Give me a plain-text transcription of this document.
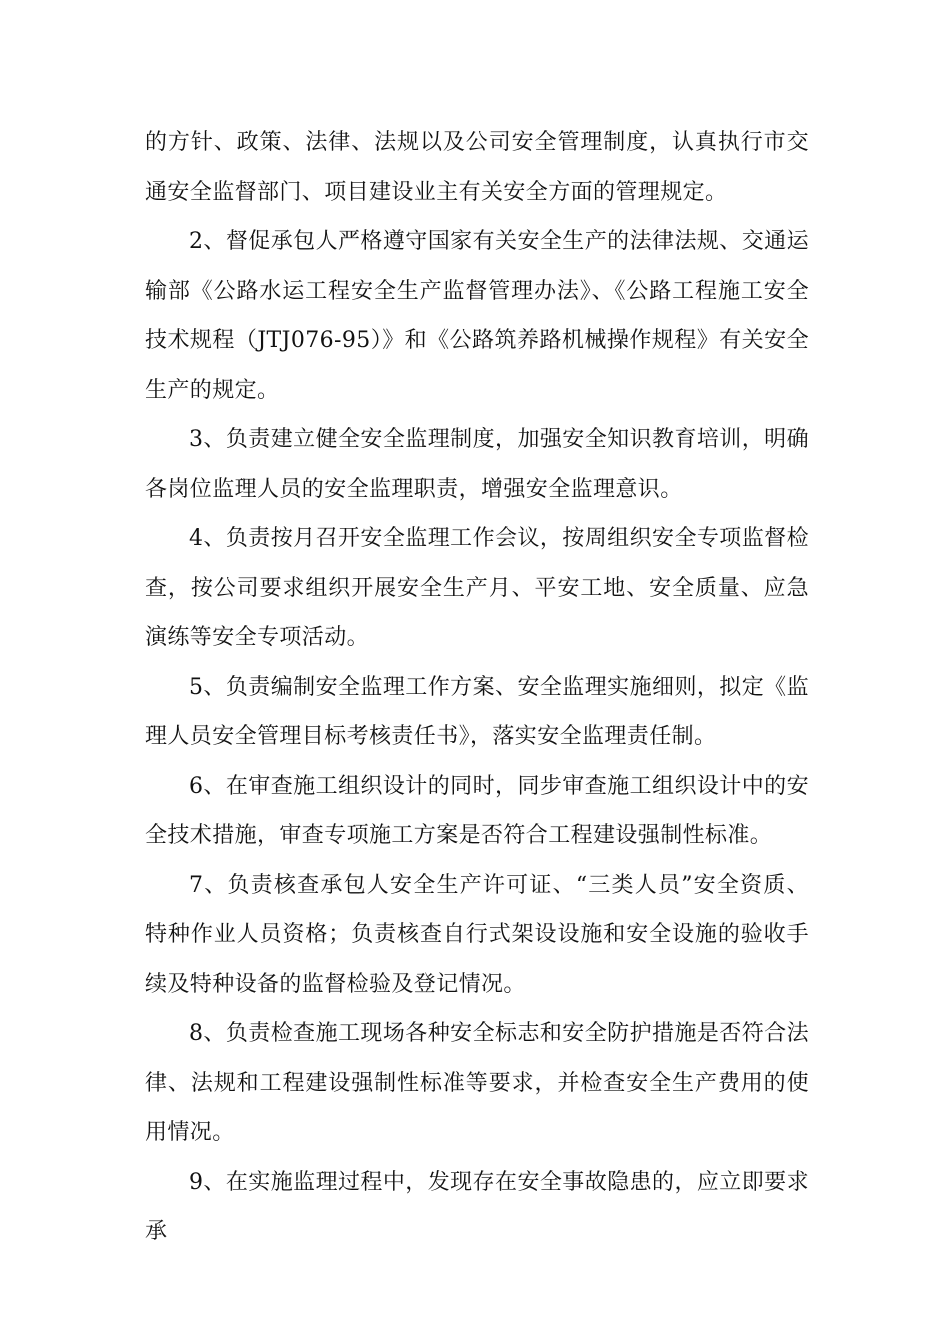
的方针、政策、法律、法规以及公司安全管理制度，认真执行市交通安全监督部门、项目建设业主有关安全方面的管理规定。

2、督促承包人严格遵守国家有关安全生产的法律法规、交通运输部《公路水运工程安全生产监督管理办法》、《公路工程施工安全技术规程（JTJ076-95）》和《公路筑养路机械操作规程》有关安全生产的规定。

3、负责建立健全安全监理制度，加强安全知识教育培训，明确各岗位监理人员的安全监理职责，增强安全监理意识。

4、负责按月召开安全监理工作会议，按周组织安全专项监督检查，按公司要求组织开展安全生产月、平安工地、安全质量、应急演练等安全专项活动。

5、负责编制安全监理工作方案、安全监理实施细则，拟定《监理人员安全管理目标考核责任书》，落实安全监理责任制。

6、在审查施工组织设计的同时，同步审查施工组织设计中的安全技术措施，审查专项施工方案是否符合工程建设强制性标准。

7、负责核查承包人安全生产许可证、“三类人员”安全资质、特种作业人员资格；负责核查自行式架设设施和安全设施的验收手续及特种设备的监督检验及登记情况。

8、负责检查施工现场各种安全标志和安全防护措施是否符合法律、法规和工程建设强制性标准等要求，并检查安全生产费用的使用情况。

9、在实施监理过程中，发现存在安全事故隐患的，应立即要求承
